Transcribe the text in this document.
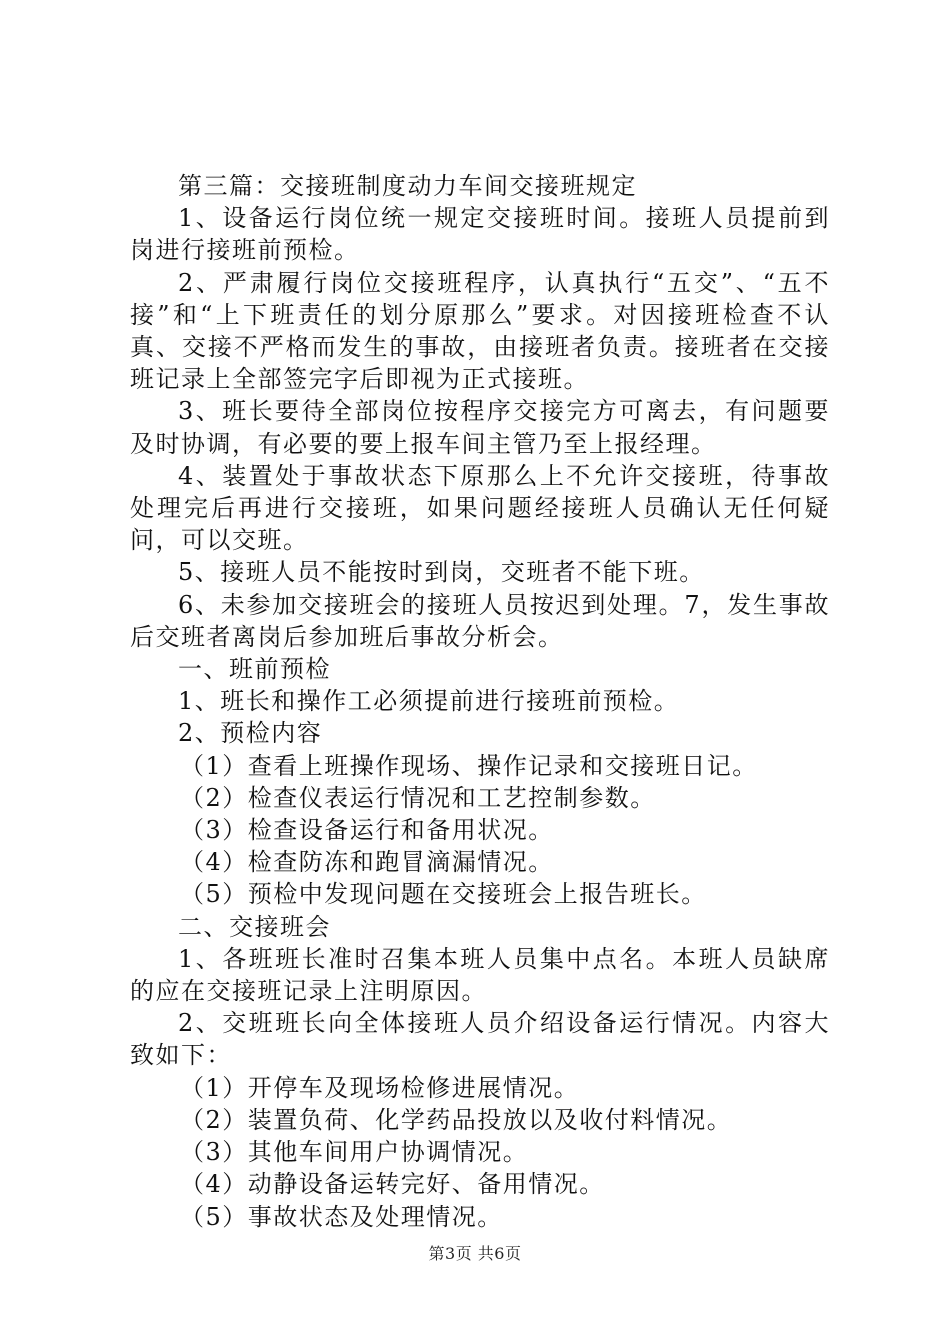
第三篇：交接班制度动力车间交接班规定

1、设备运行岗位统一规定交接班时间。接班人员提前到岗进行接班前预检。

2、严肃履行岗位交接班程序，认真执行“五交”、“五不接”和“上下班责任的划分原那么”要求。对因接班检查不认真、交接不严格而发生的事故，由接班者负责。接班者在交接班记录上全部签完字后即视为正式接班。

3、班长要待全部岗位按程序交接完方可离去，有问题要及时协调，有必要的要上报车间主管乃至上报经理。

4、装置处于事故状态下原那么上不允许交接班，待事故处理完后再进行交接班，如果问题经接班人员确认无任何疑问，可以交班。

5、接班人员不能按时到岗，交班者不能下班。

6、未参加交接班会的接班人员按迟到处理。7，发生事故后交班者离岗后参加班后事故分析会。

一、班前预检

1、班长和操作工必须提前进行接班前预检。

2、预检内容

（1）查看上班操作现场、操作记录和交接班日记。

（2）检查仪表运行情况和工艺控制参数。

（3）检查设备运行和备用状况。

（4）检查防冻和跑冒滴漏情况。

（5）预检中发现问题在交接班会上报告班长。

二、交接班会

1、各班班长准时召集本班人员集中点名。本班人员缺席的应在交接班记录上注明原因。

2、交班班长向全体接班人员介绍设备运行情况。内容大致如下：

（1）开停车及现场检修进展情况。

（2）装置负荷、化学药品投放以及收付料情况。

（3）其他车间用户协调情况。

（4）动静设备运转完好、备用情况。

（5）事故状态及处理情况。

第3页 共6页
